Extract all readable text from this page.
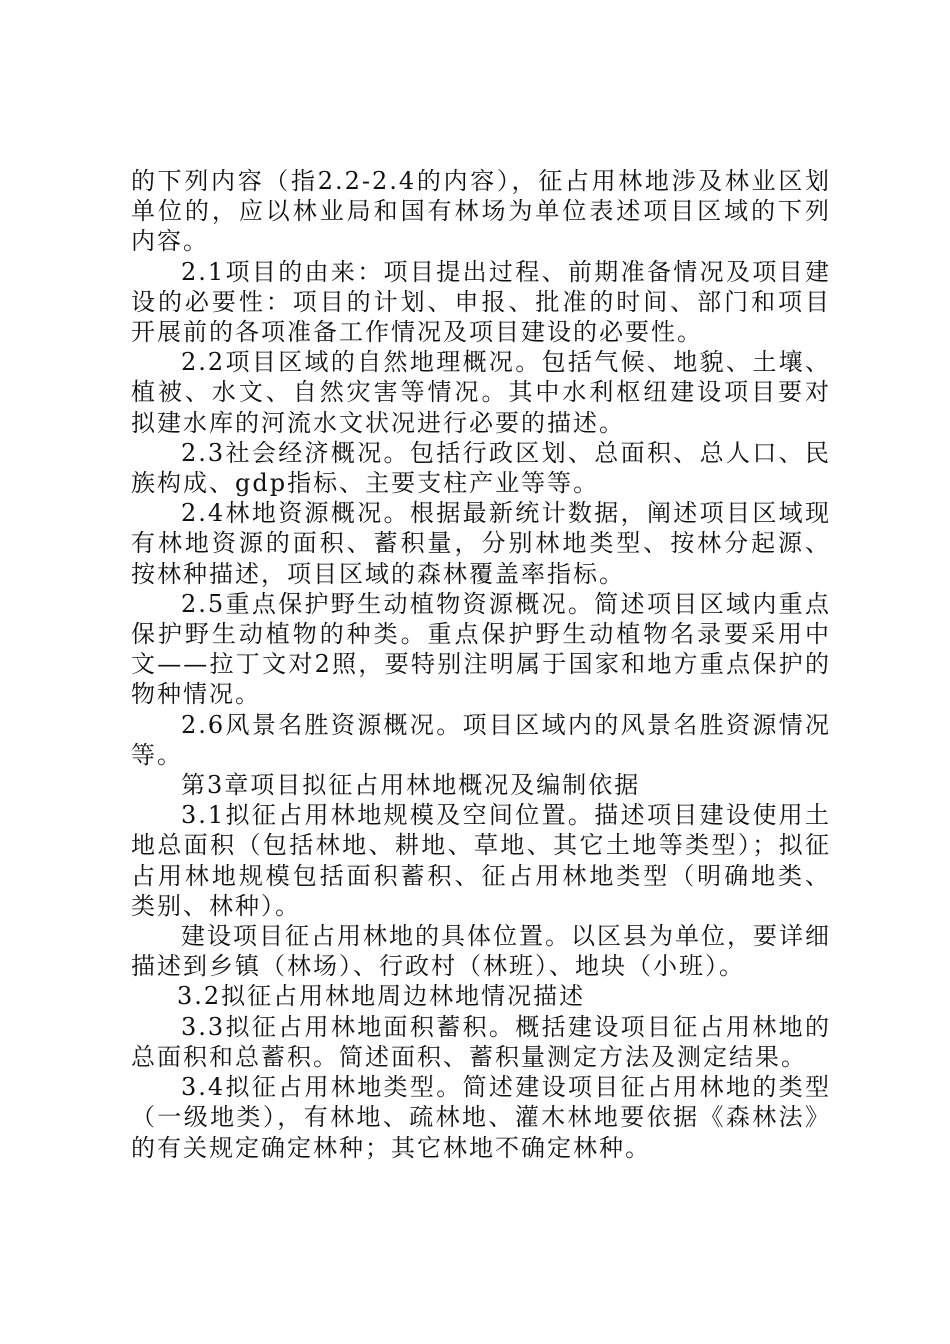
的下列内容（指2.2-2.4的内容），征占用林地涉及林业区划单位的，应以林业局和国有林场为单位表述项目区域的下列内容。

2.1项目的由来：项目提出过程、前期准备情况及项目建设的必要性：项目的计划、申报、批准的时间、部门和项目开展前的各项准备工作情况及项目建设的必要性。

2.2项目区域的自然地理概况。包括气候、地貌、土壤、植被、水文、自然灾害等情况。其中水利枢纽建设项目要对拟建水库的河流水文状况进行必要的描述。

2.3社会经济概况。包括行政区划、总面积、总人口、民族构成、gdp指标、主要支柱产业等等。

2.4林地资源概况。根据最新统计数据，阐述项目区域现有林地资源的面积、蓄积量，分别林地类型、按林分起源、按林种描述，项目区域的森林覆盖率指标。

2.5重点保护野生动植物资源概况。简述项目区域内重点保护野生动植物的种类。重点保护野生动植物名录要采用中文——拉丁文对2照，要特别注明属于国家和地方重点保护的物种情况。

2.6风景名胜资源概况。项目区域内的风景名胜资源情况等。

第3章项目拟征占用林地概况及编制依据

3.1拟征占用林地规模及空间位置。描述项目建设使用土地总面积（包括林地、耕地、草地、其它土地等类型）；拟征占用林地规模包括面积蓄积、征占用林地类型（明确地类、类别、林种）。

建设项目征占用林地的具体位置。以区县为单位，要详细描述到乡镇（林场）、行政村（林班）、地块（小班）。

3.2拟征占用林地周边林地情况描述

3.3拟征占用林地面积蓄积。概括建设项目征占用林地的总面积和总蓄积。简述面积、蓄积量测定方法及测定结果。

3.4拟征占用林地类型。简述建设项目征占用林地的类型（一级地类），有林地、疏林地、灌木林地要依据《森林法》的有关规定确定林种；其它林地不确定林种。
